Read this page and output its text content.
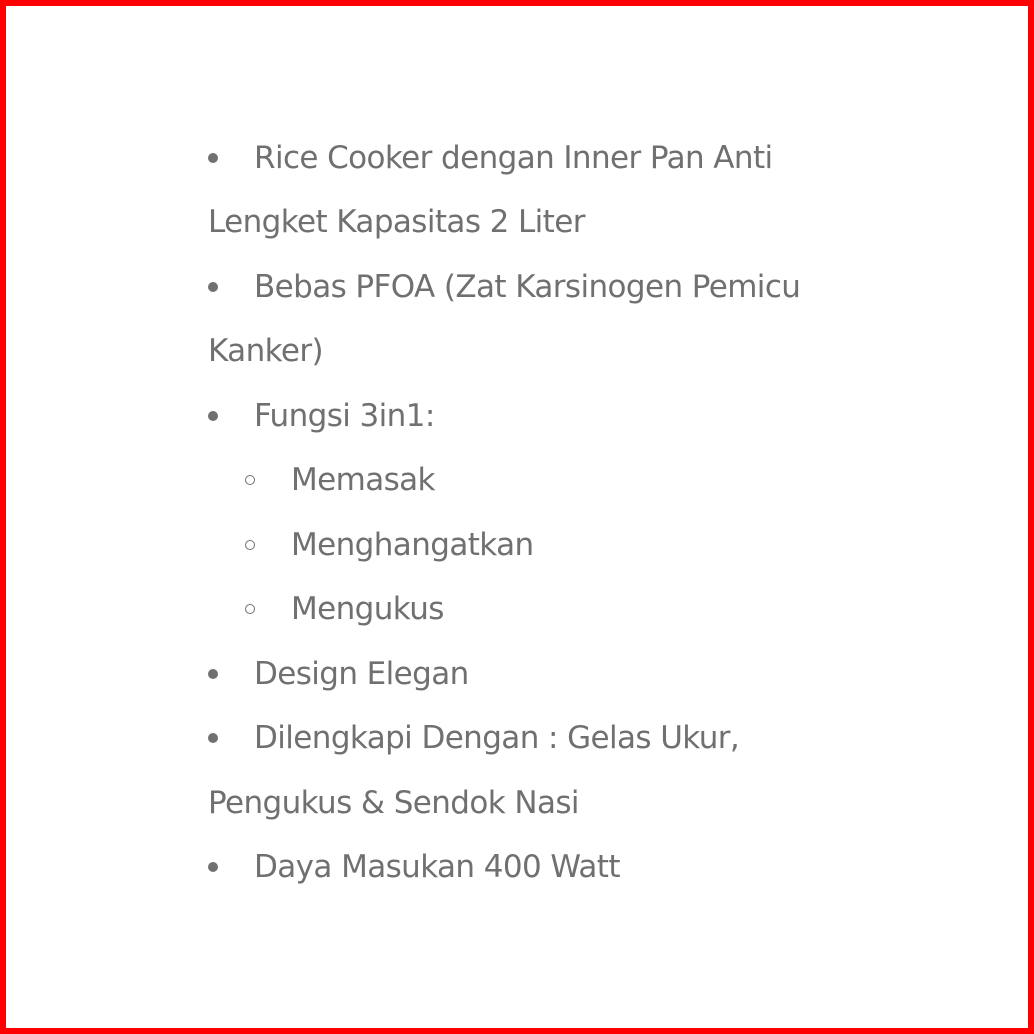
Rice Cooker dengan Inner Pan Anti
Lengket Kapasitas 2 Liter
Bebas PFOA (Zat Karsinogen Pemicu
Kanker)
Fungsi 3in1:
Memasak
Menghangatkan
Mengukus
Design Elegan
Dilengkapi Dengan : Gelas Ukur,
Pengukus & Sendok Nasi
Daya Masukan 400 Watt
